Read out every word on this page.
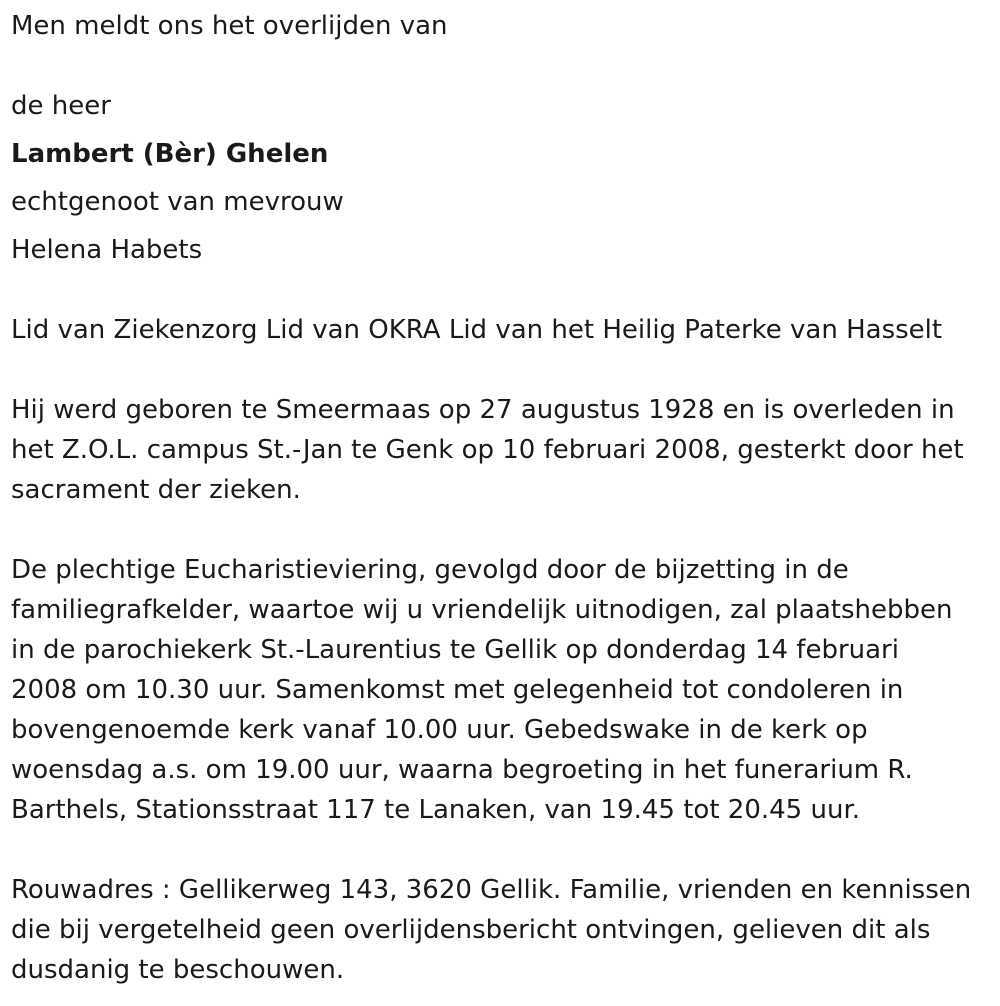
Men meldt ons het overlijden van

de heer

Lambert (Bèr) Ghelen

echtgenoot van mevrouw

Helena Habets

Lid van Ziekenzorg Lid van OKRA Lid van het Heilig Paterke van Hasselt

Hij werd geboren te Smeermaas op 27 augustus 1928 en is overleden in

het Z.O.L. campus St.-Jan te Genk op 10 februari 2008, gesterkt door het

sacrament der zieken.

De plechtige Eucharistieviering, gevolgd door de bijzetting in de

familiegrafkelder, waartoe wij u vriendelijk uitnodigen, zal plaatshebben

in de parochiekerk St.-Laurentius te Gellik op donderdag 14 februari

2008 om 10.30 uur. Samenkomst met gelegenheid tot condoleren in

bovengenoemde kerk vanaf 10.00 uur. Gebedswake in de kerk op

woensdag a.s. om 19.00 uur, waarna begroeting in het funerarium R.

Barthels, Stationsstraat 117 te Lanaken, van 19.45 tot 20.45 uur.

Rouwadres : Gellikerweg 143, 3620 Gellik. Familie, vrienden en kennissen

die bij vergetelheid geen overlijdensbericht ontvingen, gelieven dit als

dusdanig te beschouwen.
